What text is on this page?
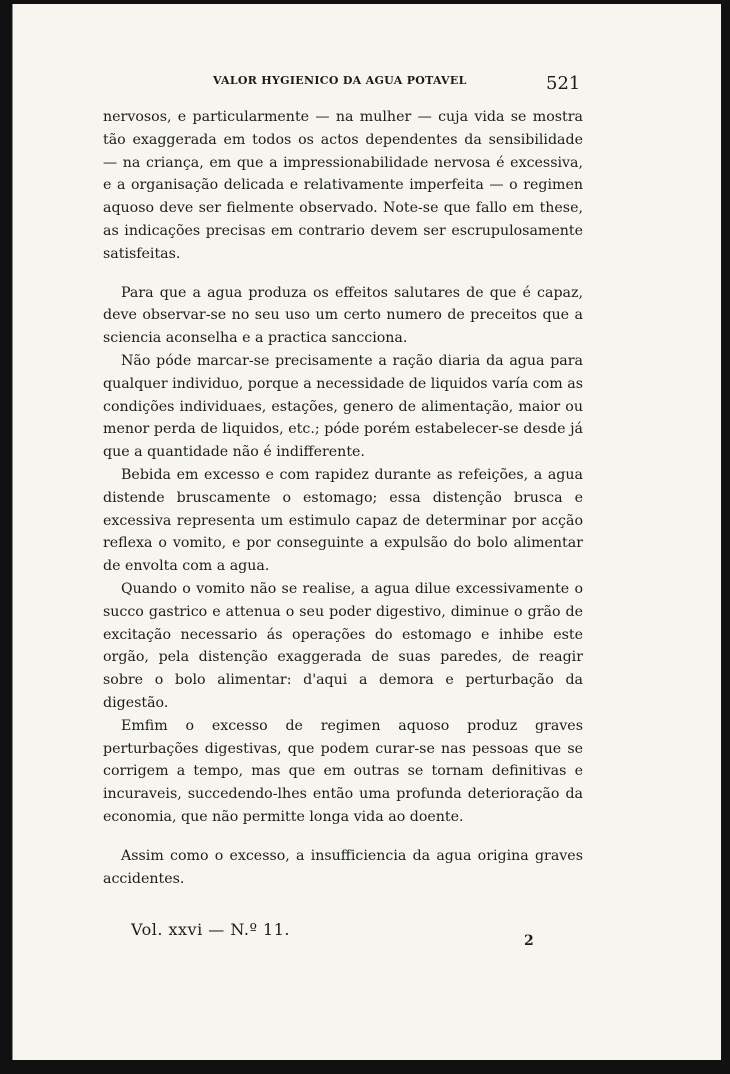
VALOR HYGIENICO DA AGUA POTAVEL	521

nervosos, e particularmente — na mulher — cuja vida se mostra tão exaggerada em todos os actos dependentes da sensibilidade — na criança, em que a impressionabilidade nervosa é excessiva, e a organisação delicada e relativamente imperfeita — o regimen aquoso deve ser fielmente observado. Note-se que fallo em these, as indicações precisas em contrario devem ser escrupulosamente satisfeitas.

Para que a agua produza os effeitos salutares de que é capaz, deve observar-se no seu uso um certo numero de preceitos que a sciencia aconselha e a practica sancciona.

Não póde marcar-se precisamente a ração diaria da agua para qualquer individuo, porque a necessidade de liquidos varía com as condições individuaes, estações, genero de alimentação, maior ou menor perda de liquidos, etc.; póde porém estabelecer-se desde já que a quantidade não é indifferente.

Bebida em excesso e com rapidez durante as refeições, a agua distende bruscamente o estomago; essa distenção brusca e excessiva representa um estimulo capaz de determinar por acção reflexa o vomito, e por conseguinte a expulsão do bolo alimentar de envolta com a agua.

Quando o vomito não se realise, a agua dilue excessivamente o succo gastrico e attenua o seu poder digestivo, diminue o grão de excitação necessario ás operações do estomago e inhibe este orgão, pela distenção exaggerada de suas paredes, de reagir sobre o bolo alimentar: d'aqui a demora e perturbação da digestão.

Emfim o excesso de regimen aquoso produz graves perturbações digestivas, que podem curar-se nas pessoas que se corrigem a tempo, mas que em outras se tornam definitivas e incuraveis, succedendo-lhes então uma profunda deterioração da economia, que não permitte longa vida ao doente.

Assim como o excesso, a insufficiencia da agua origina graves accidentes.

Vol. xxvi — N.º 11.
2
